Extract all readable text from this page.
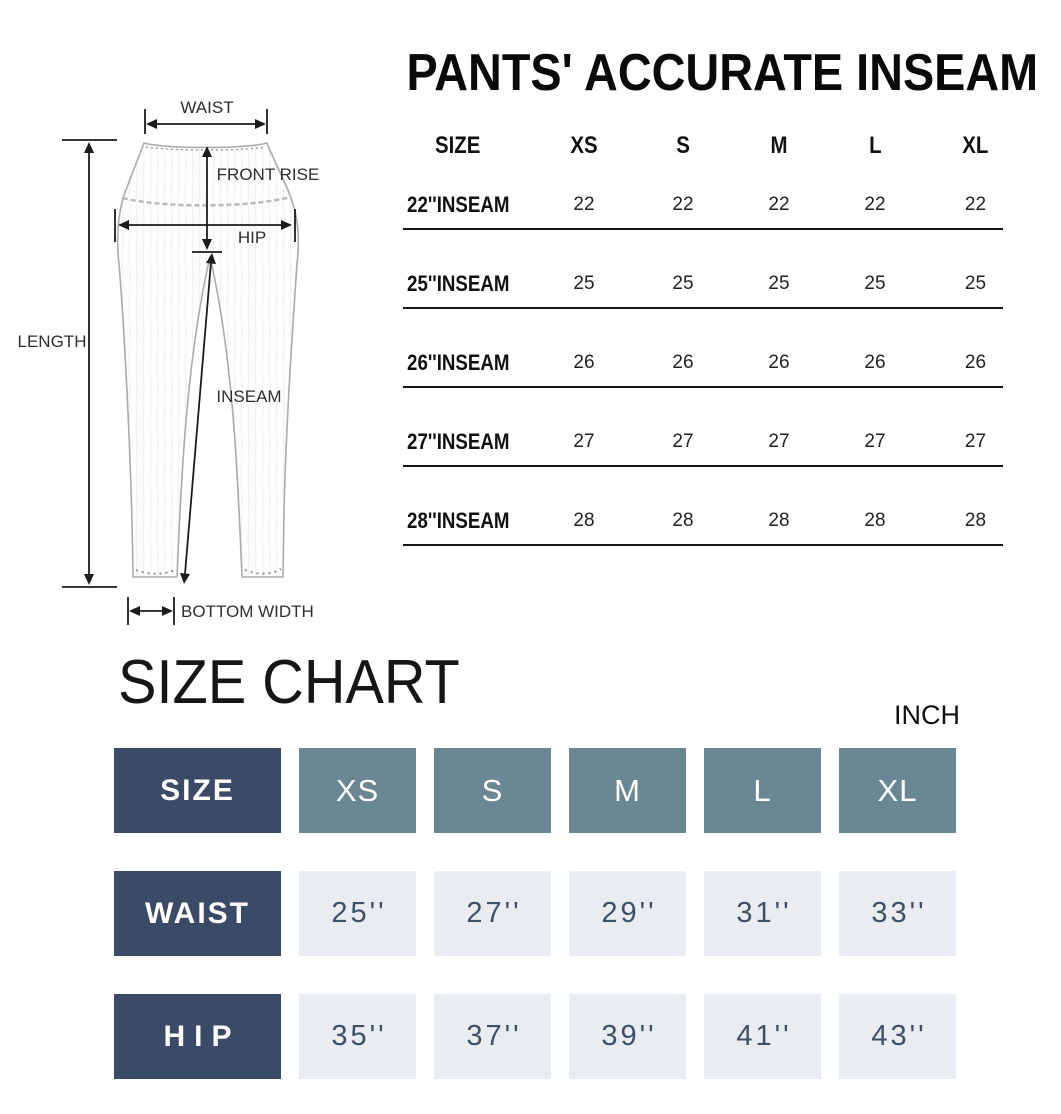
WAIST
FRONT RISE
HIP
LENGTH
INSEAM
BOTTOM WIDTH
PANTS' ACCURATE INSEAM
SIZE	XS	S	M	L	XL
22''INSEAM	22	22	22	22	22
25''INSEAM	25	25	25	25	25
26''INSEAM	26	26	26	26	26
27''INSEAM	27	27	27	27	27
28''INSEAM	28	28	28	28	28
SIZE CHART	INCH
SIZE	XS	S	M	L	XL
WAIST	25''	27''	29''	31''	33''
HIP	35''	37''	39''	41''	43''
